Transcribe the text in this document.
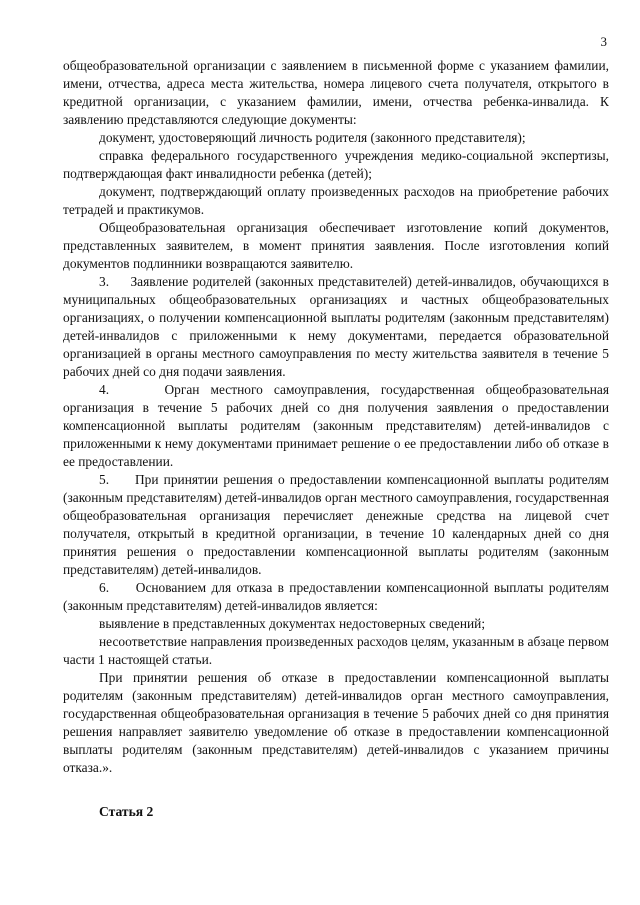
3

общеобразовательной организации с заявлением в письменной форме с указанием фамилии, имени, отчества, адреса места жительства, номера лицевого счета получателя, открытого в кредитной организации, с указанием фамилии, имени, отчества ребенка-инвалида. К заявлению представляются следующие документы:

документ, удостоверяющий личность родителя (законного представителя);

справка федерального государственного учреждения медико-социальной экспертизы, подтверждающая факт инвалидности ребенка (детей);

документ, подтверждающий оплату произведенных расходов на приобретение рабочих тетрадей и практикумов.

Общеобразовательная организация обеспечивает изготовление копий документов, представленных заявителем, в момент принятия заявления. После изготовления копий документов подлинники возвращаются заявителю.

3.     Заявление родителей (законных представителей) детей-инвалидов, обучающихся в муниципальных общеобразовательных организациях и частных общеобразовательных организациях, о получении компенсационной выплаты родителям (законным представителям) детей-инвалидов с приложенными к нему документами, передается образовательной организацией в органы местного самоуправления по месту жительства заявителя в течение 5 рабочих дней со дня подачи заявления.

4.     Орган местного самоуправления, государственная общеобразовательная организация в течение 5 рабочих дней со дня получения заявления о предоставлении компенсационной выплаты родителям (законным представителям) детей-инвалидов с приложенными к нему документами принимает решение о ее предоставлении либо об отказе в ее предоставлении.

5.     При принятии решения о предоставлении компенсационной выплаты родителям (законным представителям) детей-инвалидов орган местного самоуправления, государственная общеобразовательная организация перечисляет денежные средства на лицевой счет получателя, открытый в кредитной организации, в течение 10 календарных дней со дня принятия решения о предоставлении компенсационной выплаты родителям (законным представителям) детей-инвалидов.

6.     Основанием для отказа в предоставлении компенсационной выплаты родителям (законным представителям) детей-инвалидов является:

выявление в представленных документах недостоверных сведений;

несоответствие направления произведенных расходов целям, указанным в абзаце первом части 1 настоящей статьи.

При принятии решения об отказе в предоставлении компенсационной выплаты родителям (законным представителям) детей-инвалидов орган местного самоуправления, государственная общеобразовательная организация в течение 5 рабочих дней со дня принятия решения направляет заявителю уведомление об отказе в предоставлении компенсационной выплаты родителям (законным представителям) детей-инвалидов с указанием причины отказа.».

Статья 2
